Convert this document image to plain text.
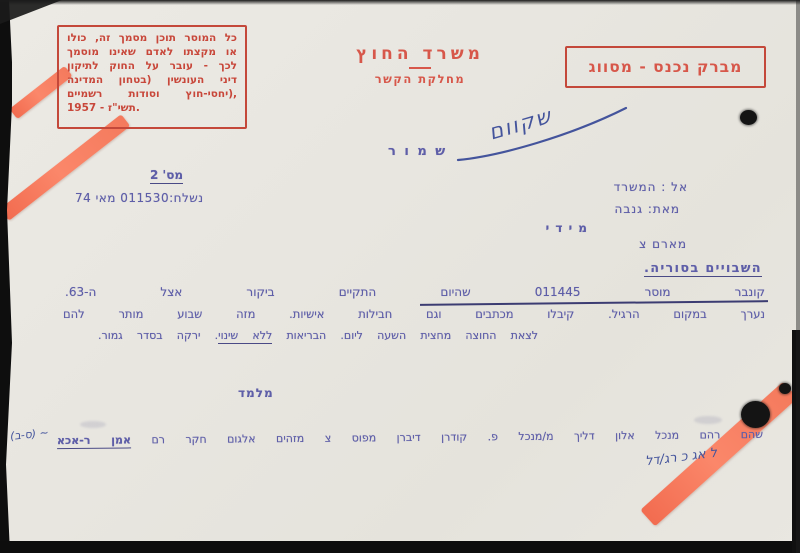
כל המוסר תוכן מסמך זה, כולו
או מקצתו לאדם שאינו מוסמך
לכך - עובר על החוק לתיקון
דיני העונשין (בטחון המדינה
יחסי-חוץ וסודות רשמיים),
תשי"ז - 1957.
משרד החוץ
מחלקת הקשר
מברק נכנס - מסווג
ש מ ו ר
שקוום
מס' 2
נשלח:011530 מאי 74
אל : המשרד
מאת: גנבה
מ י ד י
מארם צ
השבויים בסוריה.
קונבר מוסר 011445 שהיום התקיים ביקור אצל ה-63.
נערך במקום הרגיל. קיבלו מכתבים וגם חבילות אישיות. מזה שבוע מותר להם
לצאת החוצה מחצית השעה ליום. הבריאות ללא שינוי. ירקה בסדר גמור.
מלמד
שהם רהם מנכל אלון דליך מ/מנכל פ. קודרן דיברן מפוס צ מזהים אלגום חקר רם אמן ר-אכא
~ (ס-ב)
ל אג כ רג/דל
